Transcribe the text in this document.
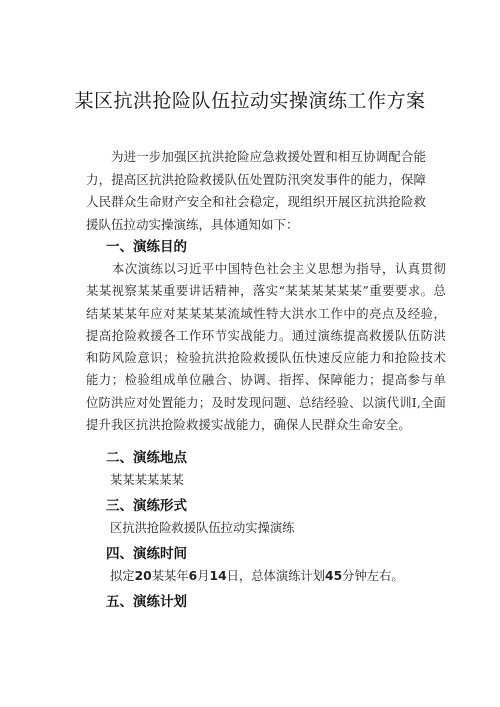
某区抗洪抢险队伍拉动实操演练工作方案
为进一步加强区抗洪抢险应急救援处置和相互协调配合能力，提高区抗洪抢险救援队伍处置防汛突发事件的能力，保障人民群众生命财产安全和社会稳定，现组织开展区抗洪抢险救援队伍拉动实操演练，具体通知如下：
一、演练目的
本次演练以习近平中国特色社会主义思想为指导，认真贯彻某某视察某某重要讲话精神，落实“某某某某某某”重要要求。总结某某某年应对某某某某流域性特大洪水工作中的亮点及经验，提高抢险救援各工作环节实战能力。通过演练提高救援队伍防洪和防风险意识；检验抗洪抢险救援队伍快速反应能力和抢险技术能力；检验组成单位融合、协调、指挥、保障能力；提高参与单位防洪应对处置能力；及时发现问题、总结经验、以演代训I,全面提升我区抗洪抢险救援实战能力，确保人民群众生命安全。
二、演练地点
某某某某某某
三、演练形式
区抗洪抢险救援队伍拉动实操演练
四、演练时间
拟定20某某年6月14日，总体演练计划45分钟左右。
五、演练计划
